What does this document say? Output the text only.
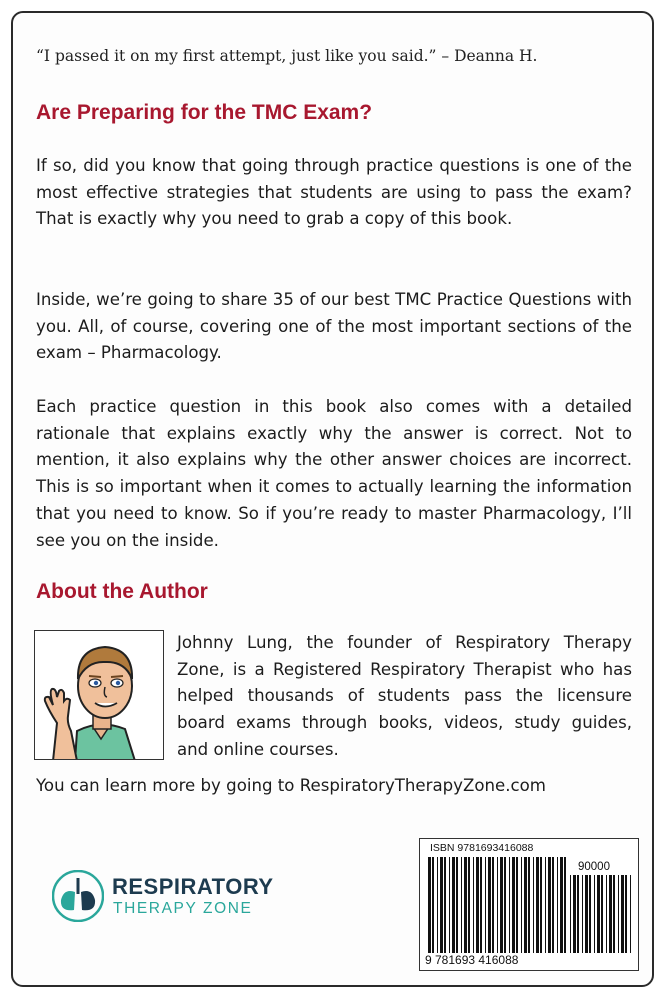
“I passed it on my first attempt, just like you said.” – Deanna H.
Are Preparing for the TMC Exam?
If so, did you know that going through practice questions is one of the most effective strategies that students are using to pass the exam? That is exactly why you need to grab a copy of this book.
Inside, we’re going to share 35 of our best TMC Practice Questions with you. All, of course, covering one of the most important sections of the exam – Pharmacology.
Each practice question in this book also comes with a detailed rationale that explains exactly why the answer is correct. Not to mention, it also explains why the other answer choices are incorrect. This is so important when it comes to actually learning the information that you need to know. So if you’re ready to master Pharmacology, I’ll see you on the inside.
About the Author
Johnny Lung, the founder of Respiratory Therapy Zone, is a Registered Respiratory Therapist who has helped thousands of students pass the licensure board exams through books, videos, study guides, and online courses.
You can learn more by going to RespiratoryTherapyZone.com
RESPIRATORY
THERAPY ZONE
ISBN 9781693416088
90000
9 781693 416088
